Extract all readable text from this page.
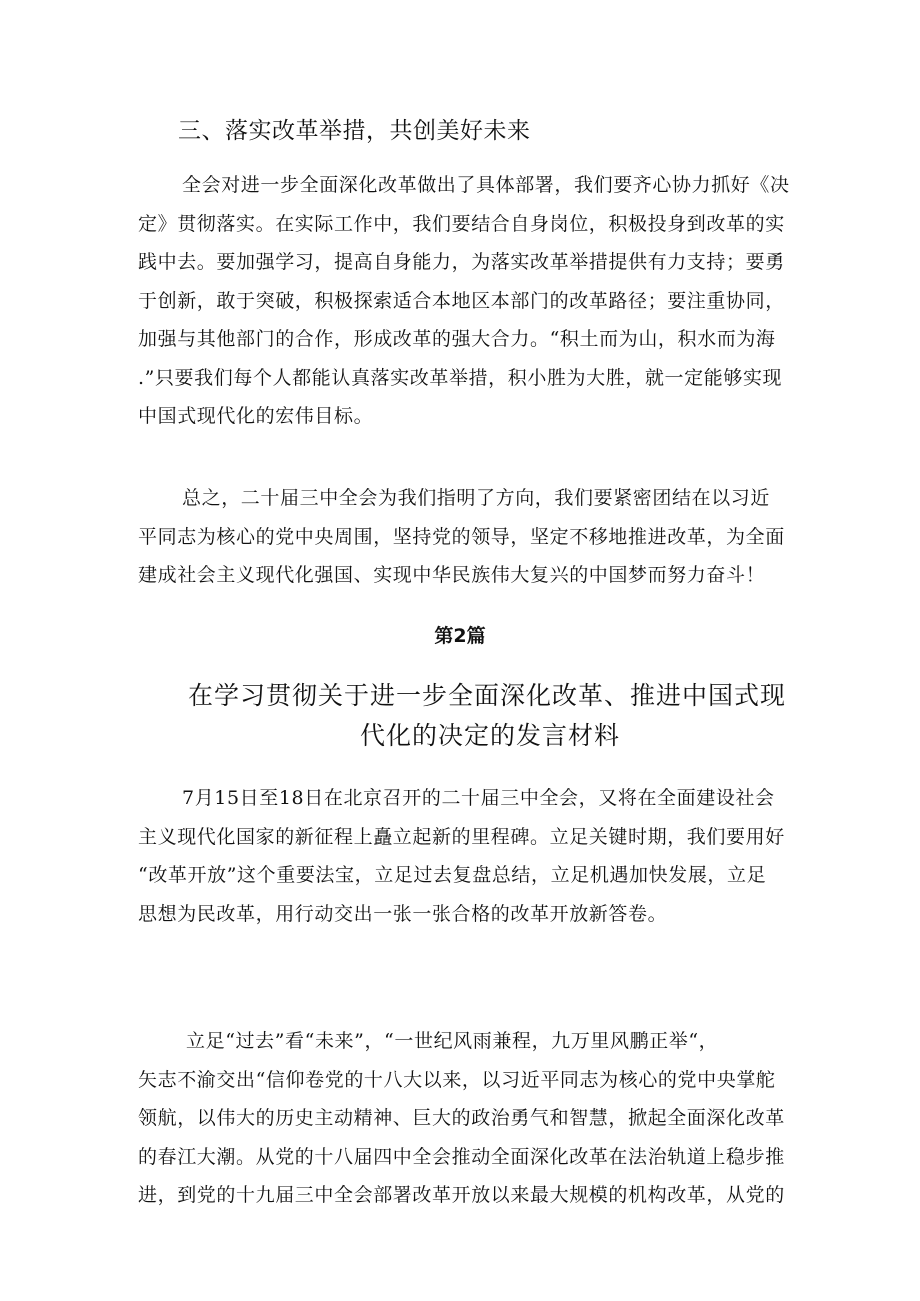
三、落实改革举措，共创美好未来
全会对进一步全面深化改革做出了具体部署，我们要齐心协力抓好《决
定》贯彻落实。在实际工作中，我们要结合自身岗位，积极投身到改革的实
践中去。要加强学习，提高自身能力，为落实改革举措提供有力支持；要勇
于创新，敢于突破，积极探索适合本地区本部门的改革路径；要注重协同，
加强与其他部门的合作，形成改革的强大合力。“积土而为山，积水而为海
.”只要我们每个人都能认真落实改革举措，积小胜为大胜，就一定能够实现
中国式现代化的宏伟目标。
总之，二十届三中全会为我们指明了方向，我们要紧密团结在以习近
平同志为核心的党中央周围，坚持党的领导，坚定不移地推进改革，为全面
建成社会主义现代化强国、实现中华民族伟大复兴的中国梦而努力奋斗！
第2篇
在学习贯彻关于进一步全面深化改革、推进中国式现
代化的决定的发言材料
7月15日至18日在北京召开的二十届三中全会，又将在全面建设社会
主义现代化国家的新征程上矗立起新的里程碑。立足关键时期，我们要用好
“改革开放”这个重要法宝，立足过去复盘总结，立足机遇加快发展，立足
思想为民改革，用行动交出一张一张合格的改革开放新答卷。
立足“过去”看“未来”，“一世纪风雨兼程，九万里风鹏正举“，
矢志不渝交出“信仰卷党的十八大以来，以习近平同志为核心的党中央掌舵
领航，以伟大的历史主动精神、巨大的政治勇气和智慧，掀起全面深化改革
的春江大潮。从党的十八届四中全会推动全面深化改革在法治轨道上稳步推
进，到党的十九届三中全会部署改革开放以来最大规模的机构改革，从党的
